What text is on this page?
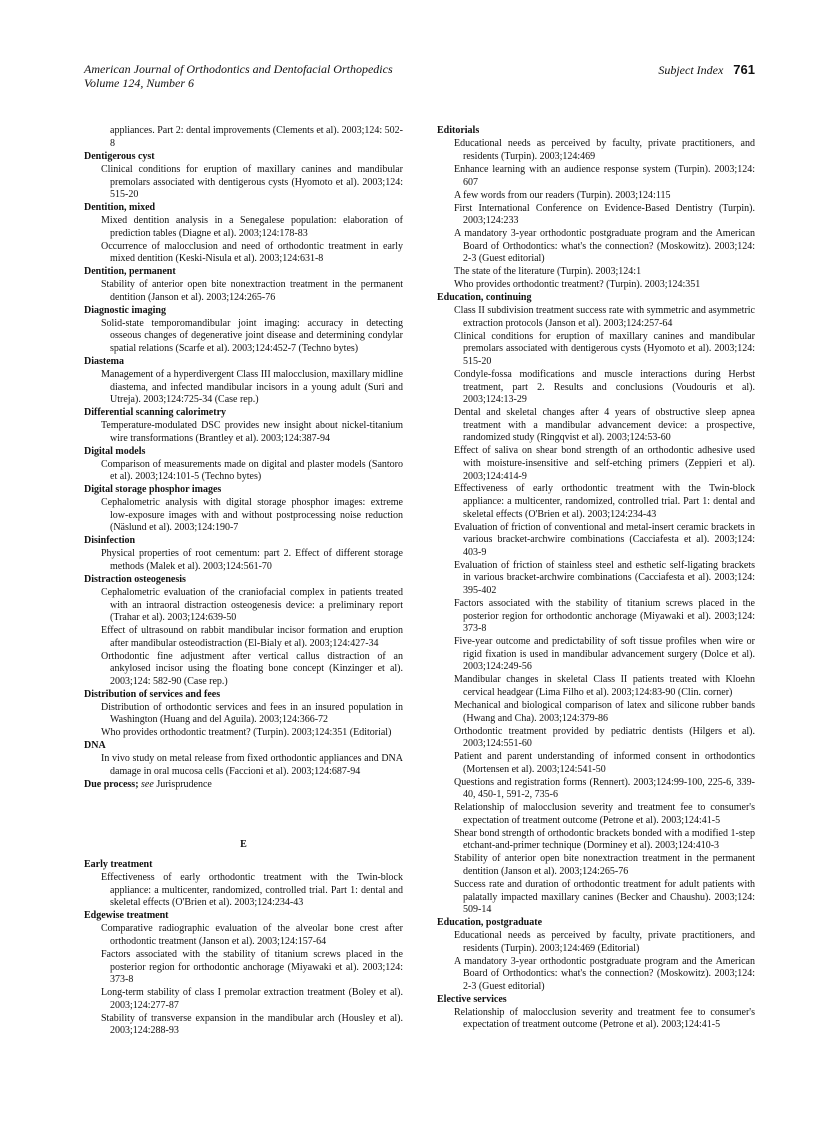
American Journal of Orthodontics and Dentofacial Orthopedics
Volume 124, Number 6
Subject Index 761
appliances. Part 2: dental improvements (Clements et al). 2003;124: 502-8
Dentigerous cyst
Clinical conditions for eruption of maxillary canines and mandibular premolars associated with dentigerous cysts (Hyomoto et al). 2003;124: 515-20
Dentition, mixed
Mixed dentition analysis in a Senegalese population: elaboration of prediction tables (Diagne et al). 2003;124:178-83
Occurrence of malocclusion and need of orthodontic treatment in early mixed dentition (Keski-Nisula et al). 2003;124:631-8
Dentition, permanent
Stability of anterior open bite nonextraction treatment in the permanent dentition (Janson et al). 2003;124:265-76
Diagnostic imaging
Solid-state temporomandibular joint imaging: accuracy in detecting osseous changes of degenerative joint disease and determining condylar spatial relations (Scarfe et al). 2003;124:452-7 (Techno bytes)
Diastema
Management of a hyperdivergent Class III malocclusion, maxillary midline diastema, and infected mandibular incisors in a young adult (Suri and Utreja). 2003;124:725-34 (Case rep.)
Differential scanning calorimetry
Temperature-modulated DSC provides new insight about nickel-titanium wire transformations (Brantley et al). 2003;124:387-94
Digital models
Comparison of measurements made on digital and plaster models (Santoro et al). 2003;124:101-5 (Techno bytes)
Digital storage phosphor images
Cephalometric analysis with digital storage phosphor images: extreme low-exposure images with and without postprocessing noise reduction (Näslund et al). 2003;124:190-7
Disinfection
Physical properties of root cementum: part 2. Effect of different storage methods (Malek et al). 2003;124:561-70
Distraction osteogenesis
Cephalometric evaluation of the craniofacial complex in patients treated with an intraoral distraction osteogenesis device: a preliminary report (Trahar et al). 2003;124:639-50
Effect of ultrasound on rabbit mandibular incisor formation and eruption after mandibular osteodistraction (El-Bialy et al). 2003;124:427-34
Orthodontic fine adjustment after vertical callus distraction of an ankylosed incisor using the floating bone concept (Kinzinger et al). 2003;124: 582-90 (Case rep.)
Distribution of services and fees
Distribution of orthodontic services and fees in an insured population in Washington (Huang and del Aguila). 2003;124:366-72
Who provides orthodontic treatment? (Turpin). 2003;124:351 (Editorial)
DNA
In vivo study on metal release from fixed orthodontic appliances and DNA damage in oral mucosa cells (Faccioni et al). 2003;124:687-94
Due process; see Jurisprudence
E
Early treatment
Effectiveness of early orthodontic treatment with the Twin-block appliance: a multicenter, randomized, controlled trial. Part 1: dental and skeletal effects (O'Brien et al). 2003;124:234-43
Edgewise treatment
Comparative radiographic evaluation of the alveolar bone crest after orthodontic treatment (Janson et al). 2003;124:157-64
Factors associated with the stability of titanium screws placed in the posterior region for orthodontic anchorage (Miyawaki et al). 2003;124: 373-8
Long-term stability of class I premolar extraction treatment (Boley et al). 2003;124:277-87
Stability of transverse expansion in the mandibular arch (Housley et al). 2003;124:288-93
Editorials
Educational needs as perceived by faculty, private practitioners, and residents (Turpin). 2003;124:469
Enhance learning with an audience response system (Turpin). 2003;124: 607
A few words from our readers (Turpin). 2003;124:115
First International Conference on Evidence-Based Dentistry (Turpin). 2003;124:233
A mandatory 3-year orthodontic postgraduate program and the American Board of Orthodontics: what's the connection? (Moskowitz). 2003;124: 2-3 (Guest editorial)
The state of the literature (Turpin). 2003;124:1
Who provides orthodontic treatment? (Turpin). 2003;124:351
Education, continuing
Class II subdivision treatment success rate with symmetric and asymmetric extraction protocols (Janson et al). 2003;124:257-64
Clinical conditions for eruption of maxillary canines and mandibular premolars associated with dentigerous cysts (Hyomoto et al). 2003;124: 515-20
Condyle-fossa modifications and muscle interactions during Herbst treatment, part 2. Results and conclusions (Voudouris et al). 2003;124:13-29
Dental and skeletal changes after 4 years of obstructive sleep apnea treatment with a mandibular advancement device: a prospective, randomized study (Ringqvist et al). 2003;124:53-60
Effect of saliva on shear bond strength of an orthodontic adhesive used with moisture-insensitive and self-etching primers (Zeppieri et al). 2003;124:414-9
Effectiveness of early orthodontic treatment with the Twin-block appliance: a multicenter, randomized, controlled trial. Part 1: dental and skeletal effects (O'Brien et al). 2003;124:234-43
Evaluation of friction of conventional and metal-insert ceramic brackets in various bracket-archwire combinations (Cacciafesta et al). 2003;124: 403-9
Evaluation of friction of stainless steel and esthetic self-ligating brackets in various bracket-archwire combinations (Cacciafesta et al). 2003;124: 395-402
Factors associated with the stability of titanium screws placed in the posterior region for orthodontic anchorage (Miyawaki et al). 2003;124: 373-8
Five-year outcome and predictability of soft tissue profiles when wire or rigid fixation is used in mandibular advancement surgery (Dolce et al). 2003;124:249-56
Mandibular changes in skeletal Class II patients treated with Kloehn cervical headgear (Lima Filho et al). 2003;124:83-90 (Clin. corner)
Mechanical and biological comparison of latex and silicone rubber bands (Hwang and Cha). 2003;124:379-86
Orthodontic treatment provided by pediatric dentists (Hilgers et al). 2003;124:551-60
Patient and parent understanding of informed consent in orthodontics (Mortensen et al). 2003;124:541-50
Questions and registration forms (Rennert). 2003;124:99-100, 225-6, 339-40, 450-1, 591-2, 735-6
Relationship of malocclusion severity and treatment fee to consumer's expectation of treatment outcome (Petrone et al). 2003;124:41-5
Shear bond strength of orthodontic brackets bonded with a modified 1-step etchant-and-primer technique (Dorminey et al). 2003;124:410-3
Stability of anterior open bite nonextraction treatment in the permanent dentition (Janson et al). 2003;124:265-76
Success rate and duration of orthodontic treatment for adult patients with palatally impacted maxillary canines (Becker and Chaushu). 2003;124: 509-14
Education, postgraduate
Educational needs as perceived by faculty, private practitioners, and residents (Turpin). 2003;124:469 (Editorial)
A mandatory 3-year orthodontic postgraduate program and the American Board of Orthodontics: what's the connection? (Moskowitz). 2003;124: 2-3 (Guest editorial)
Elective services
Relationship of malocclusion severity and treatment fee to consumer's expectation of treatment outcome (Petrone et al). 2003;124:41-5
